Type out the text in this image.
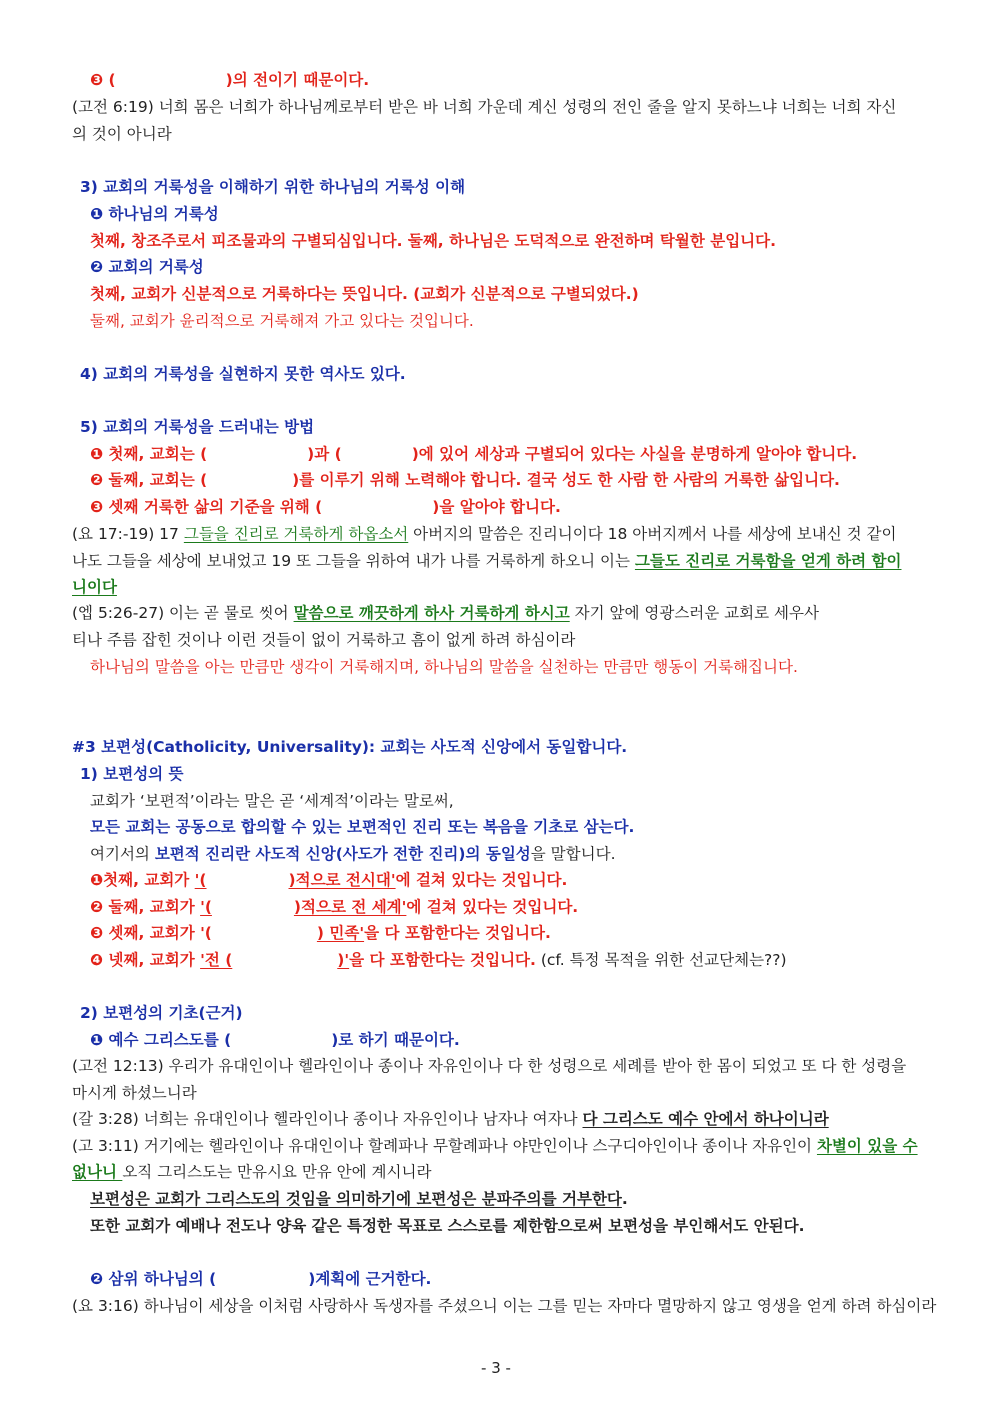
❸ (	)의 전이기 때문이다.
(고전 6:19) 너희 몸은 너희가 하나님께로부터 받은 바 너희 가운데 계신 성령의 전인 줄을 알지 못하느냐 너희는 너희 자신
의 것이 아니라
3) 교회의 거룩성을 이해하기 위한 하나님의 거룩성 이해
❶ 하나님의 거룩성
첫째, 창조주로서 피조물과의 구별되심입니다. 둘째, 하나님은 도덕적으로 완전하며 탁월한 분입니다.
❷ 교회의 거룩성
첫째, 교회가 신분적으로 거룩하다는 뜻입니다. (교회가 신분적으로 구별되었다.)
둘째, 교회가 윤리적으로 거룩해져 가고 있다는 것입니다.
4) 교회의 거룩성을 실현하지 못한 역사도 있다.
5) 교회의 거룩성을 드러내는 방법
❶ 첫째, 교회는 (	)과 (	)에 있어 세상과 구별되어 있다는 사실을 분명하게 알아야 합니다.
❷ 둘째, 교회는 (	)를 이루기 위해 노력해야 합니다. 결국 성도 한 사람 한 사람의 거룩한 삶입니다.
❸ 셋째 거룩한 삶의 기준을 위해 (	)을 알아야 합니다.
(요 17:-19) 17 그들을 진리로 거룩하게 하옵소서 아버지의 말씀은 진리니이다 18 아버지께서 나를 세상에 보내신 것 같이
나도 그들을 세상에 보내었고 19 또 그들을 위하여 내가 나를 거룩하게 하오니 이는 그들도 진리로 거룩함을 얻게 하려 함이
니이다
(엡 5:26-27) 이는 곧 물로 씻어 말씀으로 깨끗하게 하사 거룩하게 하시고 자기 앞에 영광스러운 교회로 세우사
티나 주름 잡힌 것이나 이런 것들이 없이 거룩하고 흠이 없게 하려 하심이라
하나님의 말씀을 아는 만큼만 생각이 거룩해지며, 하나님의 말씀을 실천하는 만큼만 행동이 거룩해집니다.
#3 보편성(Catholicity, Universality): 교회는 사도적 신앙에서 동일합니다.
1) 보편성의 뜻
교회가 ‘보편적’이라는 말은 곧 ‘세계적’이라는 말로써,
모든 교회는 공동으로 합의할 수 있는 보편적인 진리 또는 복음을 기초로 삼는다.
여기서의 보편적 진리란 사도적 신앙(사도가 전한 진리)의 동일성을 말합니다.
❶첫째, 교회가 '(	)적으로 전시대'에 걸쳐 있다는 것입니다.
❷ 둘째, 교회가 '(	)적으로 전 세계'에 걸쳐 있다는 것입니다.
❸ 셋째, 교회가 '(	) 민족'을 다 포함한다는 것입니다.
❹ 넷째, 교회가 '전 (	)'을 다 포함한다는 것입니다. (cf. 특정 목적을 위한 선교단체는??)
2) 보편성의 기초(근거)
❶ 예수 그리스도를 (	)로 하기 때문이다.
(고전 12:13) 우리가 유대인이나 헬라인이나 종이나 자유인이나 다 한 성령으로 세례를 받아 한 몸이 되었고 또 다 한 성령을
마시게 하셨느니라
(갈 3:28) 너희는 유대인이나 헬라인이나 종이나 자유인이나 남자나 여자나 다 그리스도 예수 안에서 하나이니라
(고 3:11) 거기에는 헬라인이나 유대인이나 할례파나 무할례파나 야만인이나 스구디아인이나 종이나 자유인이 차별이 있을 수
없나니 오직 그리스도는 만유시요 만유 안에 계시니라
보편성은 교회가 그리스도의 것임을 의미하기에 보편성은 분파주의를 거부한다.
또한 교회가 예배나 전도나 양육 같은 특정한 목표로 스스로를 제한함으로써 보편성을 부인해서도 안된다.
❷ 삼위 하나님의 (	)계획에 근거한다.
(요 3:16) 하나님이 세상을 이처럼 사랑하사 독생자를 주셨으니 이는 그를 믿는 자마다 멸망하지 않고 영생을 얻게 하려 하심이라
- 3 -
